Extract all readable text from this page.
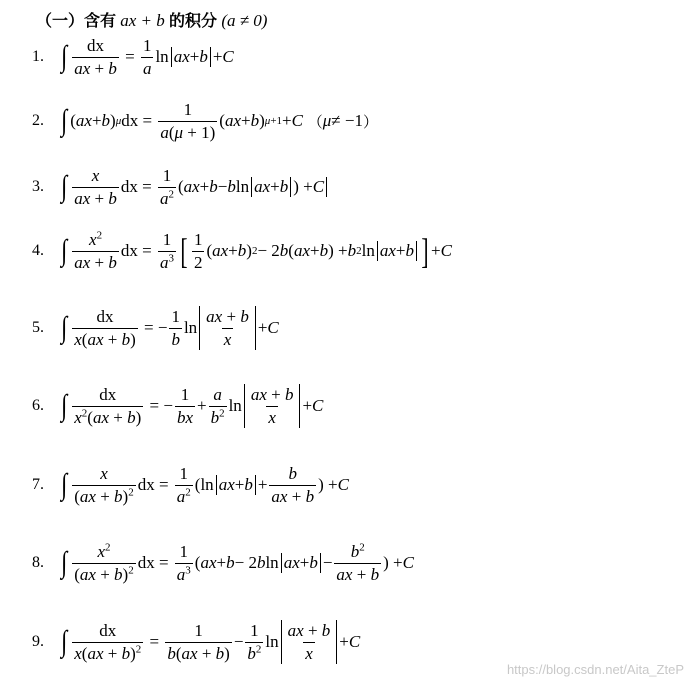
（一）含有 ax + b 的积分 (a ≠ 0)
1. ∫ dx
ax + b
=
1
a
ln ax + b + C
2. ∫ ( ax + b ) μ dx =
1
a(μ + 1)
( ax + b ) μ+1 + C （ μ ≠ −1 ）
3. ∫ x
ax + b
dx =
1
$a^2$ ( ax + b − b ln ax + b ) + C
4. ∫ $x^2$
ax + b
dx =
1
$a^3$ [ 1
2
( ax + b ) 2 − 2 b ( ax + b ) + b 2 ln ax + b ] + C
5. ∫ dx
x(ax + b)
= −
1
b
ln
ax + b
x
+ C
6. ∫ dx
$x^2(ax + b)$
= −
1
bx
+
a
$b^2$ ln
ax + b
x
+ C
7. ∫ x
(ax + b)$^2$ dx =
1
$a^2$ (ln ax + b +
b
ax + b
) + C
8. ∫ $x^2$
(ax + b)$^2$ dx =
1
$a^3$ ( ax + b − 2 b ln ax + b −
$b^2$
ax + b
) + C
9. ∫ dx
x(ax + b)$^2$ =
1
b(ax + b)
−
1
$b^2$ ln
ax + b
x
+ C
https://blog.csdn.net/Aita_ZteP
